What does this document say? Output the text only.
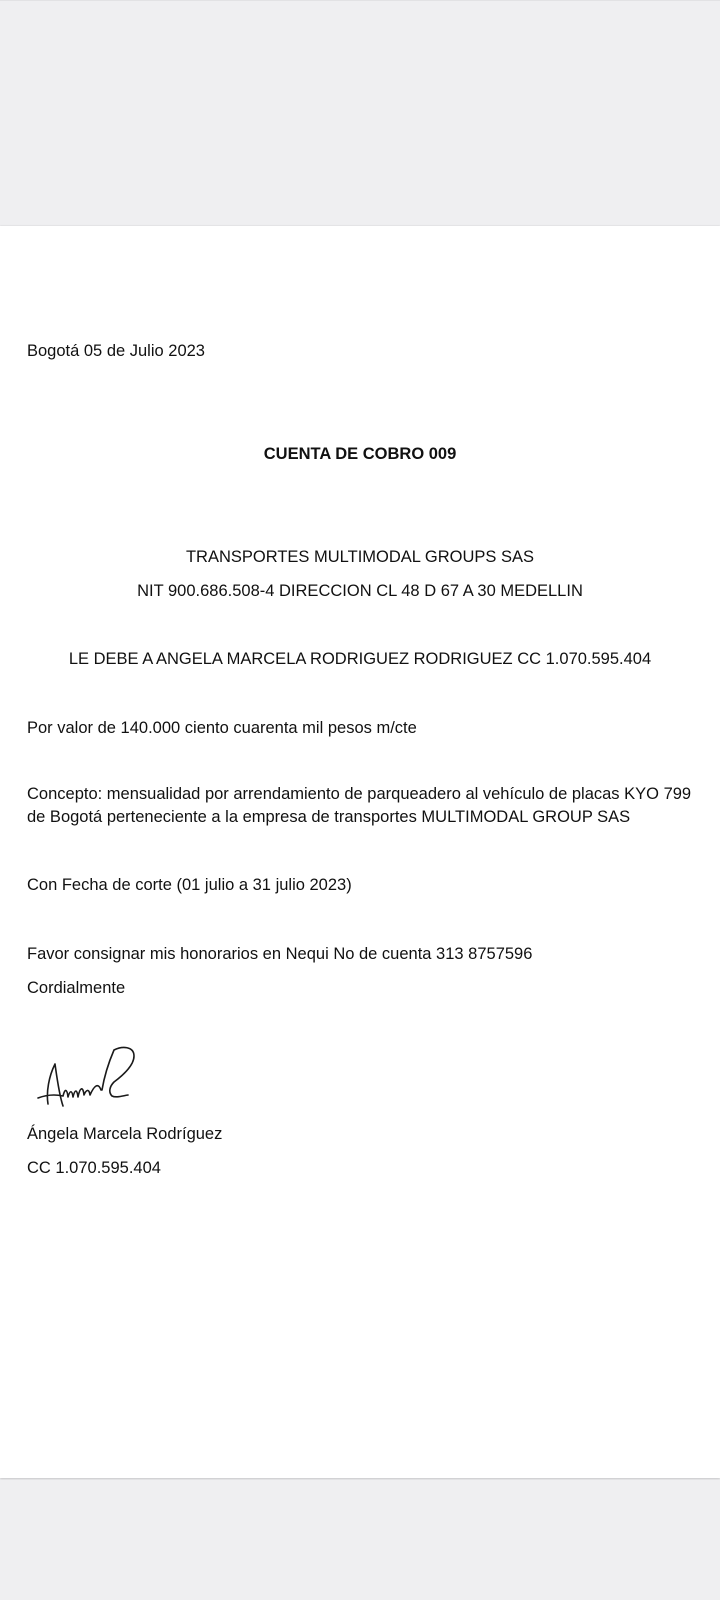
Bogotá 05 de Julio 2023
CUENTA DE COBRO 009
TRANSPORTES MULTIMODAL GROUPS SAS
NIT 900.686.508-4 DIRECCION CL 48 D 67 A 30 MEDELLIN
LE DEBE A ANGELA MARCELA RODRIGUEZ RODRIGUEZ CC 1.070.595.404
Por valor de 140.000 ciento cuarenta mil pesos m/cte
Concepto: mensualidad por arrendamiento de parqueadero al vehículo de placas KYO 799 de Bogotá perteneciente a la empresa de transportes MULTIMODAL GROUP SAS
Con Fecha de corte (01 julio a 31 julio 2023)
Favor consignar mis honorarios en Nequi No de cuenta 313 8757596
Cordialmente
Ángela Marcela Rodríguez
CC 1.070.595.404
